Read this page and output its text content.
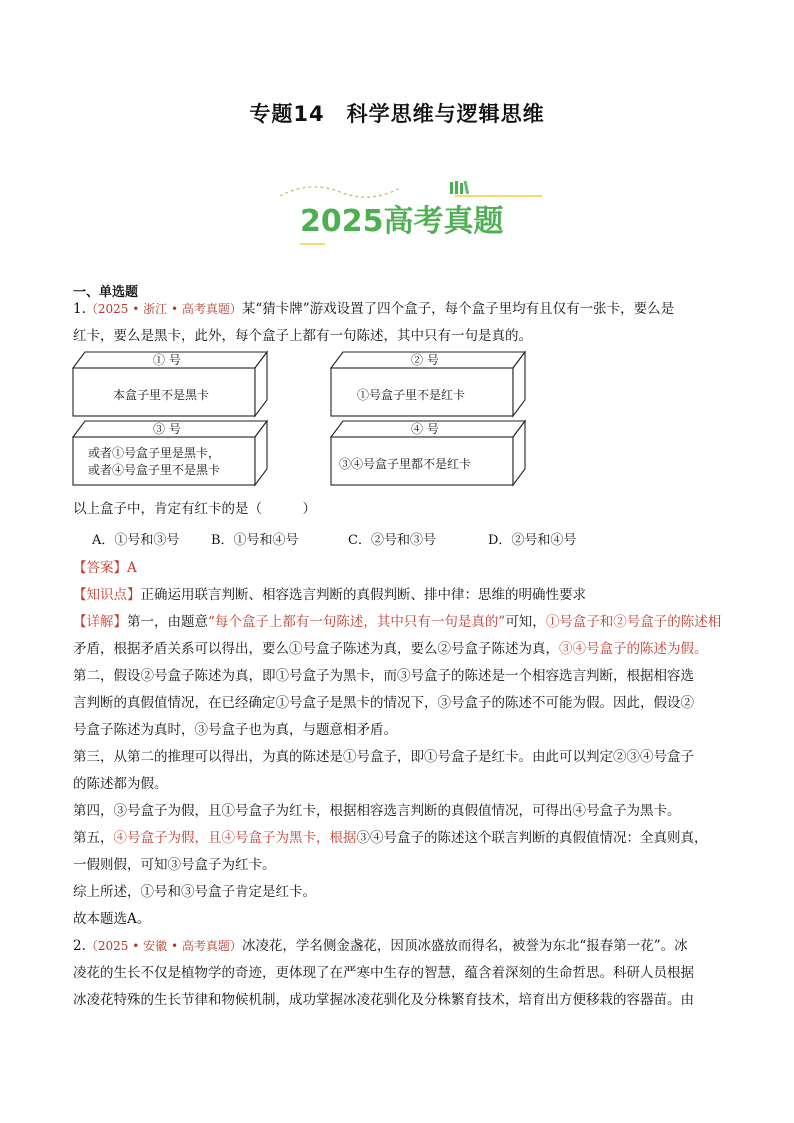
专题14　科学思维与逻辑思维
2025高考真题
一、单选题
1.（2025 • 浙江 • 高考真题）某“猜卡牌”游戏设置了四个盒子，每个盒子里均有且仅有一张卡，要么是
红卡，要么是黑卡，此外，每个盒子上都有一句陈述，其中只有一句是真的。
① 号
本盒子里不是黑卡
② 号
①号盒子里不是红卡
③ 号
或者①号盒子里是黑卡，
或者④号盒子里不是黑卡
④ 号
③④号盒子里都不是红卡
以上盒子中，肯定有红卡的是（　　　）
A．①号和③号 B．①号和④号	C．②号和③号	D．②号和④号
【答案】A
【知识点】正确运用联言判断、相容选言判断的真假判断、排中律：思维的明确性要求
【详解】第一，由题意“每个盒子上都有一句陈述，其中只有一句是真的”可知，①号盒子和②号盒子的陈述相
矛盾，根据矛盾关系可以得出，要么①号盒子陈述为真，要么②号盒子陈述为真，③④号盒子的陈述为假。
第二，假设②号盒子陈述为真，即①号盒子为黑卡，而③号盒子的陈述是一个相容选言判断，根据相容选
言判断的真假值情况，在已经确定①号盒子是黑卡的情况下，③号盒子的陈述不可能为假。因此，假设②
号盒子陈述为真时，③号盒子也为真，与题意相矛盾。
第三，从第二的推理可以得出，为真的陈述是①号盒子，即①号盒子是红卡。由此可以判定②③④号盒子
的陈述都为假。
第四，③号盒子为假，且①号盒子为红卡，根据相容选言判断的真假值情况，可得出④号盒子为黑卡。
第五，④号盒子为假，且④号盒子为黑卡，根据③④号盒子的陈述这个联言判断的真假值情况：全真则真，
一假则假，可知③号盒子为红卡。
综上所述，①号和③号盒子肯定是红卡。
故本题选A。
2.（2025 • 安徽 • 高考真题）冰凌花，学名侧金盏花，因顶冰盛放而得名，被誉为东北“报春第一花”。冰
凌花的生长不仅是植物学的奇迹，更体现了在严寒中生存的智慧，蕴含着深刻的生命哲思。科研人员根据
冰凌花特殊的生长节律和物候机制，成功掌握冰凌花驯化及分株繁育技术，培育出方便移栽的容器苗。由
